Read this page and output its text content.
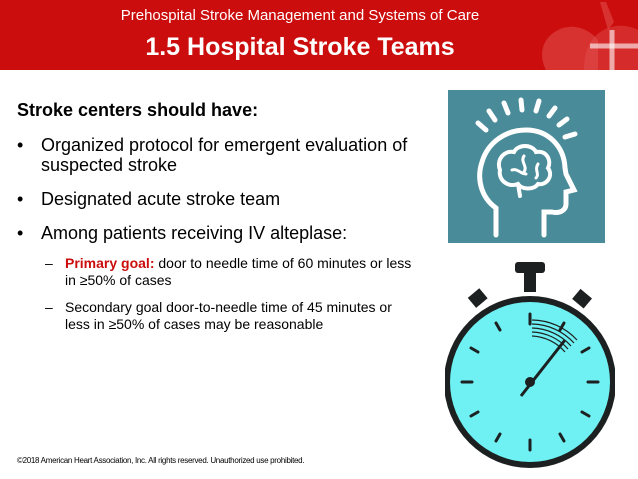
Prehospital Stroke Management and Systems of Care
1.5 Hospital Stroke Teams
Stroke centers should have:
• Organized protocol for emergent evaluation of suspected stroke
• Designated acute stroke team
• Among patients receiving IV alteplase:
– Primary goal: door to needle time of 60 minutes or less in ≥50% of cases
– Secondary goal door-to-needle time of 45 minutes or less in ≥50% of cases may be reasonable
©2018 American Heart Association, Inc. All rights reserved. Unauthorized use prohibited.
